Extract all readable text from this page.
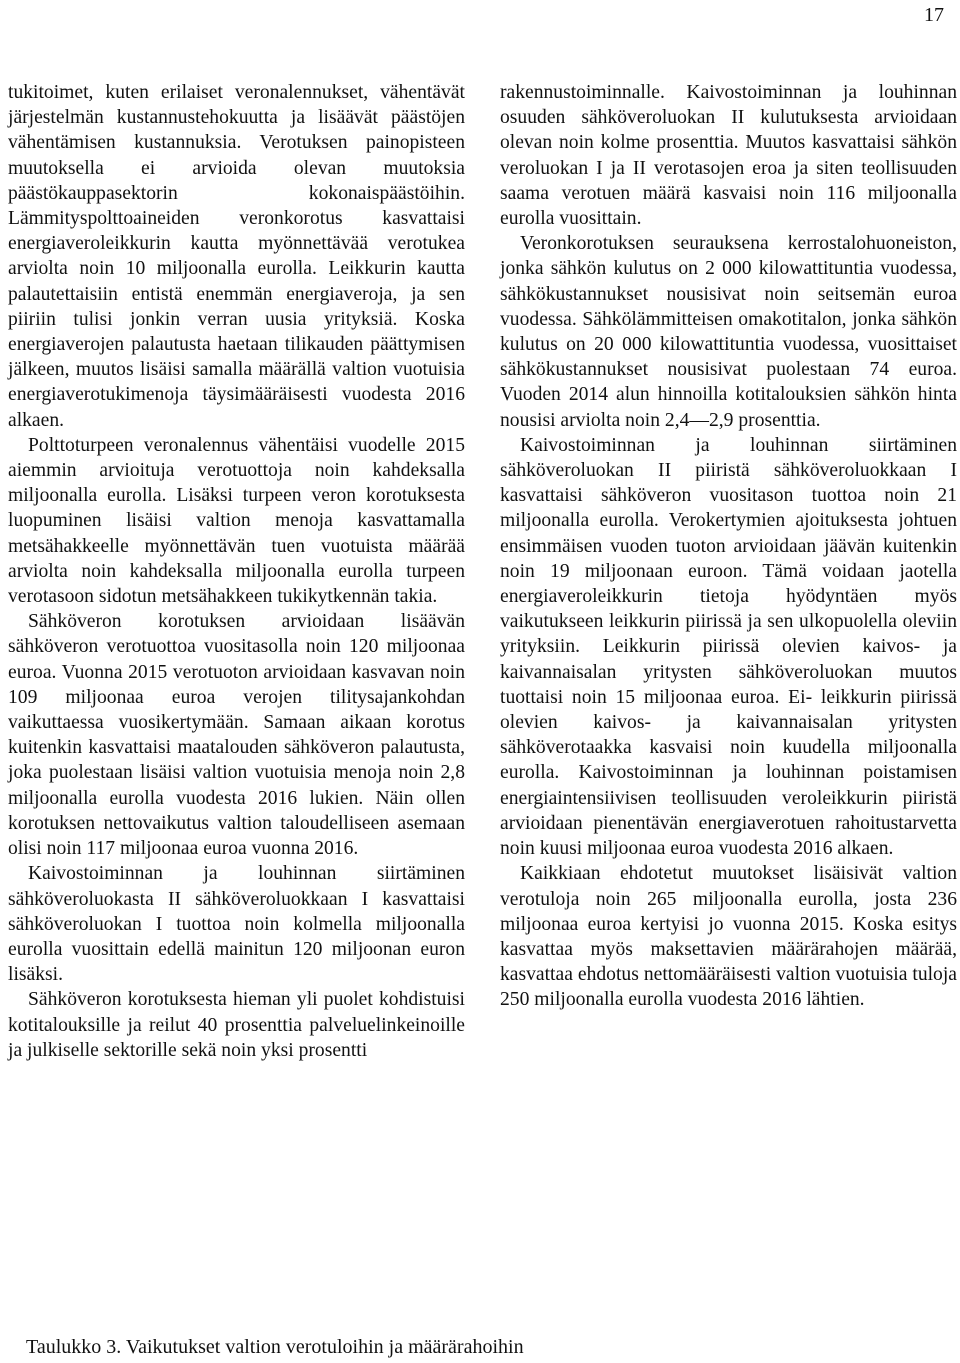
17

tukitoimet, kuten erilaiset veronalennukset, vähentävät järjestelmän kustannustehokuutta ja lisäävät päästöjen vähentämisen kustannuksia. Verotuksen painopisteen muutoksella ei arvioida olevan muutoksia päästökauppasektorin kokonaispäästöihin. Lämmityspolttoaineiden veronkorotus kasvattaisi energiaveroleikkurin kautta myönnettävää verotukea arviolta noin 10 miljoonalla eurolla. Leikkurin kautta palautettaisiin entistä enemmän energiaveroja, ja sen piiriin tulisi jonkin verran uusia yrityksiä. Koska energiaverojen palautusta haetaan tilikauden päättymisen jälkeen, muutos lisäisi samalla määrällä valtion vuotuisia energiaverotukimenoja täysimääräisesti vuodesta 2016 alkaen.

Polttoturpeen veronalennus vähentäisi vuodelle 2015 aiemmin arvioituja verotuottoja noin kahdeksalla miljoonalla eurolla. Lisäksi turpeen veron korotuksesta luopuminen lisäisi valtion menoja kasvattamalla metsähakkeelle myönnettävän tuen vuotuista määrää arviolta noin kahdeksalla miljoonalla eurolla turpeen verotasoon sidotun metsähakkeen tukikytkennän takia.

Sähköveron korotuksen arvioidaan lisäävän sähköveron verotuottoa vuositasolla noin 120 miljoonaa euroa. Vuonna 2015 verotuoton arvioidaan kasvavan noin 109 miljoonaa euroa verojen tilitysajankohdan vaikuttaessa vuosikertymään. Samaan aikaan korotus kuitenkin kasvattaisi maatalouden sähköveron palautusta, joka puolestaan lisäisi valtion vuotuisia menoja noin 2,8 miljoonalla eurolla vuodesta 2016 lukien. Näin ollen korotuksen nettovaikutus valtion taloudelliseen asemaan olisi noin 117 miljoonaa euroa vuonna 2016.

Kaivostoiminnan ja louhinnan siirtäminen sähköveroluokasta II sähköveroluokkaan I kasvattaisi sähköveroluokan I tuottoa noin kolmella miljoonalla eurolla vuosittain edellä mainitun 120 miljoonan euron lisäksi.

Sähköveron korotuksesta hieman yli puolet kohdistuisi kotitalouksille ja reilut 40 prosenttia palveluelinkeinoille ja julkiselle sektorille sekä noin yksi prosentti

rakennustoiminnalle. Kaivostoiminnan ja louhinnan osuuden sähköveroluokan II kulutuksesta arvioidaan olevan noin kolme prosenttia. Muutos kasvattaisi sähkön veroluokan I ja II verotasojen eroa ja siten teollisuuden saama verotuen määrä kasvaisi noin 116 miljoonalla eurolla vuosittain.

Veronkorotuksen seurauksena kerrostalohuoneiston, jonka sähkön kulutus on 2 000 kilowattituntia vuodessa, sähkökustannukset nousisivat noin seitsemän euroa vuodessa. Sähkölämmitteisen omakotitalon, jonka sähkön kulutus on 20 000 kilowattituntia vuodessa, vuosittaiset sähkökustannukset nousisivat puolestaan 74 euroa. Vuoden 2014 alun hinnoilla kotitalouksien sähkön hinta nousisi arviolta noin 2,4—2,9 prosenttia.

Kaivostoiminnan ja louhinnan siirtäminen sähköveroluokan II piiristä sähköveroluokkaan I kasvattaisi sähköveron vuositason tuottoa noin 21 miljoonalla eurolla. Verokertymien ajoituksesta johtuen ensimmäisen vuoden tuoton arvioidaan jäävän kuitenkin noin 19 miljoonaan euroon. Tämä voidaan jaotella energiaveroleikkurin tietoja hyödyntäen myös vaikutukseen leikkurin piirissä ja sen ulkopuolella oleviin yrityksiin. Leikkurin piirissä olevien kaivos- ja kaivannaisalan yritysten sähköveroluokan muutos tuottaisi noin 15 miljoonaa euroa. Ei- leikkurin piirissä olevien kaivos- ja kaivannaisalan yritysten sähköverotaakka kasvaisi noin kuudella miljoonalla eurolla. Kaivostoiminnan ja louhinnan poistamisen energiaintensiivisen teollisuuden veroleikkurin piiristä arvioidaan pienentävän energiaverotuen rahoitustarvetta noin kuusi miljoonaa euroa vuodesta 2016 alkaen.

Kaikkiaan ehdotetut muutokset lisäisivät valtion verotuloja noin 265 miljoonalla eurolla, josta 236 miljoonaa euroa kertyisi jo vuonna 2015. Koska esitys kasvattaa myös maksettavien määrärahojen määrää, kasvattaa ehdotus nettomääräisesti valtion vuotuisia tuloja 250 miljoonalla eurolla vuodesta 2016 lähtien.

Taulukko 3. Vaikutukset valtion verotuloihin ja määrärahoihin
